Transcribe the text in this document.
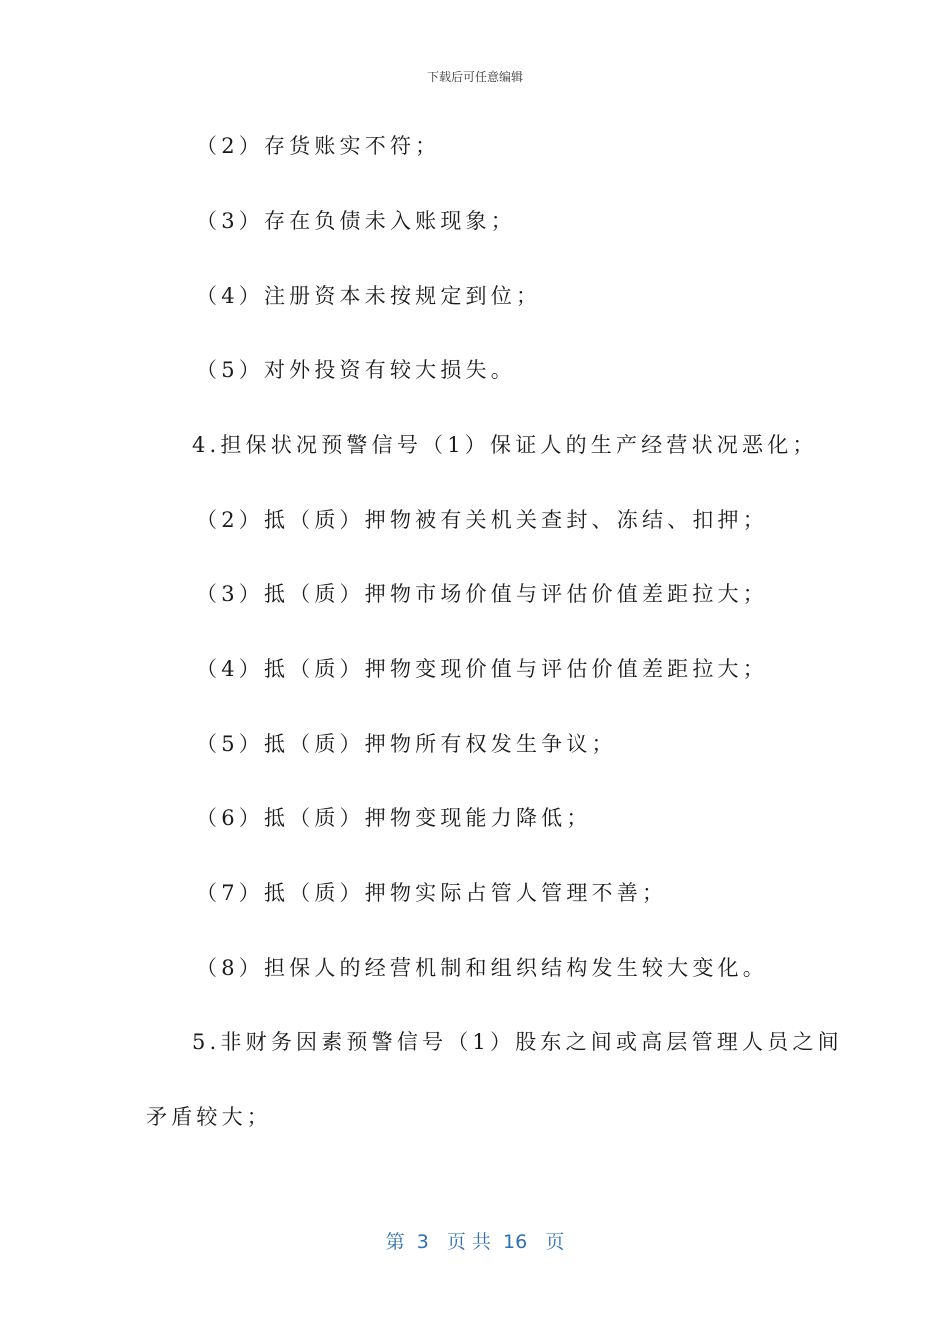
下载后可任意编辑
（2）存货账实不符；
（3）存在负债未入账现象；
（4）注册资本未按规定到位；
（5）对外投资有较大损失。
4.担保状况预警信号（1）保证人的生产经营状况恶化；
（2）抵（质）押物被有关机关查封、冻结、扣押；
（3）抵（质）押物市场价值与评估价值差距拉大；
（4）抵（质）押物变现价值与评估价值差距拉大；
（5）抵（质）押物所有权发生争议；
（6）抵（质）押物变现能力降低；
（7）抵（质）押物实际占管人管理不善；
（8）担保人的经营机制和组织结构发生较大变化。
5.非财务因素预警信号（1）股东之间或高层管理人员之间
矛盾较大；
第  3   页 共  16   页
